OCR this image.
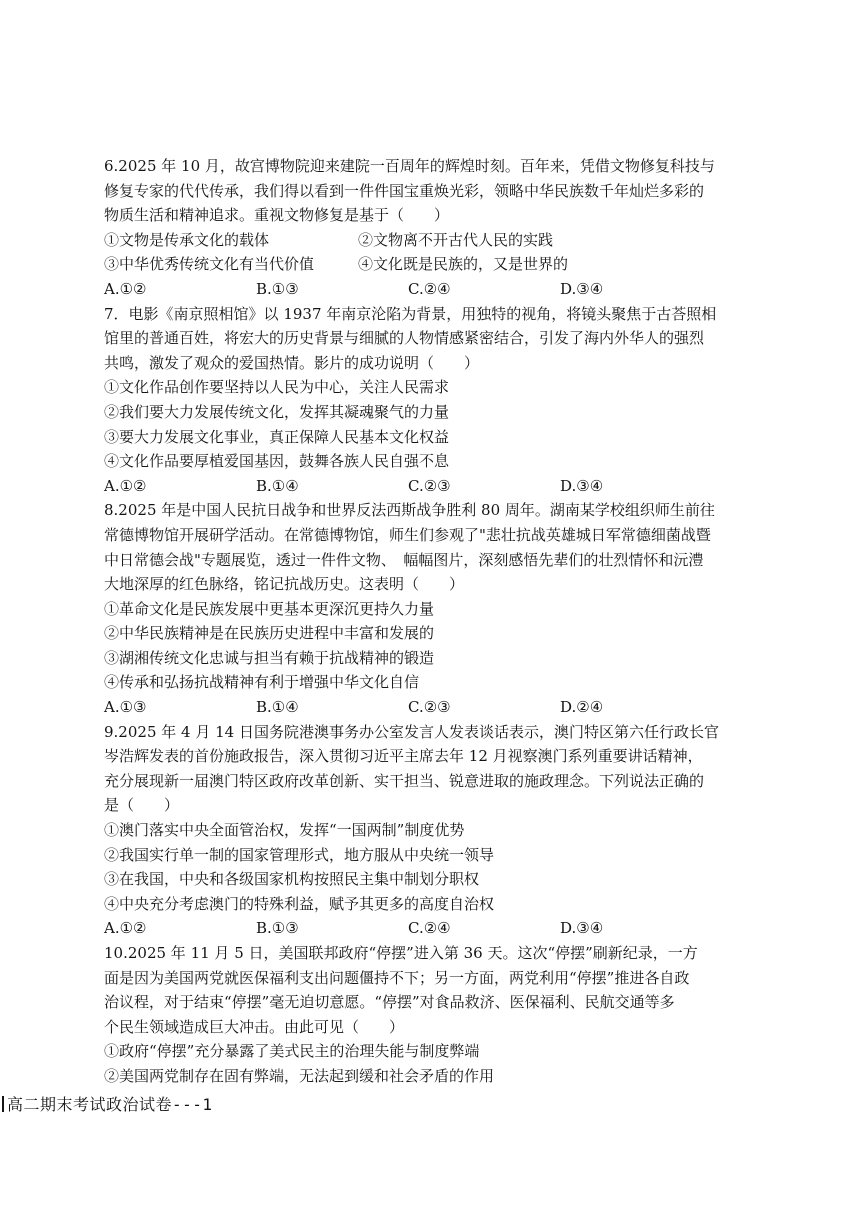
6.2025 年 10 月，故宫博物院迎来建院一百周年的辉煌时刻。百年来，凭借文物修复科技与
修复专家的代代传承，我们得以看到一件件国宝重焕光彩，领略中华民族数千年灿烂多彩的
物质生活和精神追求。重视文物修复是基于（　　）
①文物是传承文化的载体	②文物离不开古代人民的实践
③中华优秀传统文化有当代价值	④文化既是民族的，又是世界的
A.①②	B.①③	C.②④	D.③④
7．电影《南京照相馆》以 1937 年南京沦陷为背景，用独特的视角，将镜头聚焦于古荅照相
馆里的普通百姓，将宏大的历史背景与细腻的人物情感紧密结合，引发了海内外华人的强烈
共鸣，激发了观众的爱国热情。影片的成功说明（　　）
①文化作品创作要坚持以人民为中心，关注人民需求
②我们要大力发展传统文化，发挥其凝魂聚气的力量
③要大力发展文化事业，真正保障人民基本文化权益
④文化作品要厚植爱国基因，鼓舞各族人民自强不息
A.①②	B.①④	C.②③	D.③④
8.2025 年是中国人民抗日战争和世界反法西斯战争胜利 80 周年。湖南某学校组织师生前往
常德博物馆开展研学活动。在常德博物馆，师生们参观了"悲壮抗战英雄城日军常德细菌战暨
中日常德会战"专题展览，透过一件件文物、　幅幅图片，深刻感悟先辈们的壮烈情怀和沅澧
大地深厚的红色脉络，铭记抗战历史。这表明（　　）
①革命文化是民族发展中更基本更深沉更持久力量
②中华民族精神是在民族历史进程中丰富和发展的
③湖湘传统文化忠诚与担当有赖于抗战精神的锻造
④传承和弘扬抗战精神有利于增强中华文化自信
A.①③	B.①④	C.②③	D.②④
9.2025 年 4 月 14 日国务院港澳事务办公室发言人发表谈话表示，澳门特区第六任行政长官
岑浩辉发表的首份施政报告，深入贯彻习近平主席去年 12 月视察澳门系列重要讲话精神，
充分展现新一届澳门特区政府改革创新、实干担当、锐意进取的施政理念。下列说法正确的
是（　　）
①澳门落实中央全面管治权，发挥“一国两制”制度优势
②我国实行单一制的国家管理形式，地方服从中央统一领导
③在我国，中央和各级国家机构按照民主集中制划分职权
④中央充分考虑澳门的特殊利益，赋予其更多的高度自治权
A.①②	B.①③	C.②④	D.③④
10.2025 年 11 月 5 日，美国联邦政府“停摆”进入第 36 天。这次“停摆”刷新纪录，一方
面是因为美国两党就医保福利支出问题僵持不下；另一方面，两党利用“停摆”推进各自政
治议程，对于结束“停摆”毫无迫切意愿。“停摆”对食品救济、医保福利、民航交通等多
个民生领域造成巨大冲击。由此可见（　　）
①政府“停摆”充分暴露了美式民主的治理失能与制度弊端
②美国两党制存在固有弊端，无法起到缓和社会矛盾的作用
高二期末考试政治试卷---1
